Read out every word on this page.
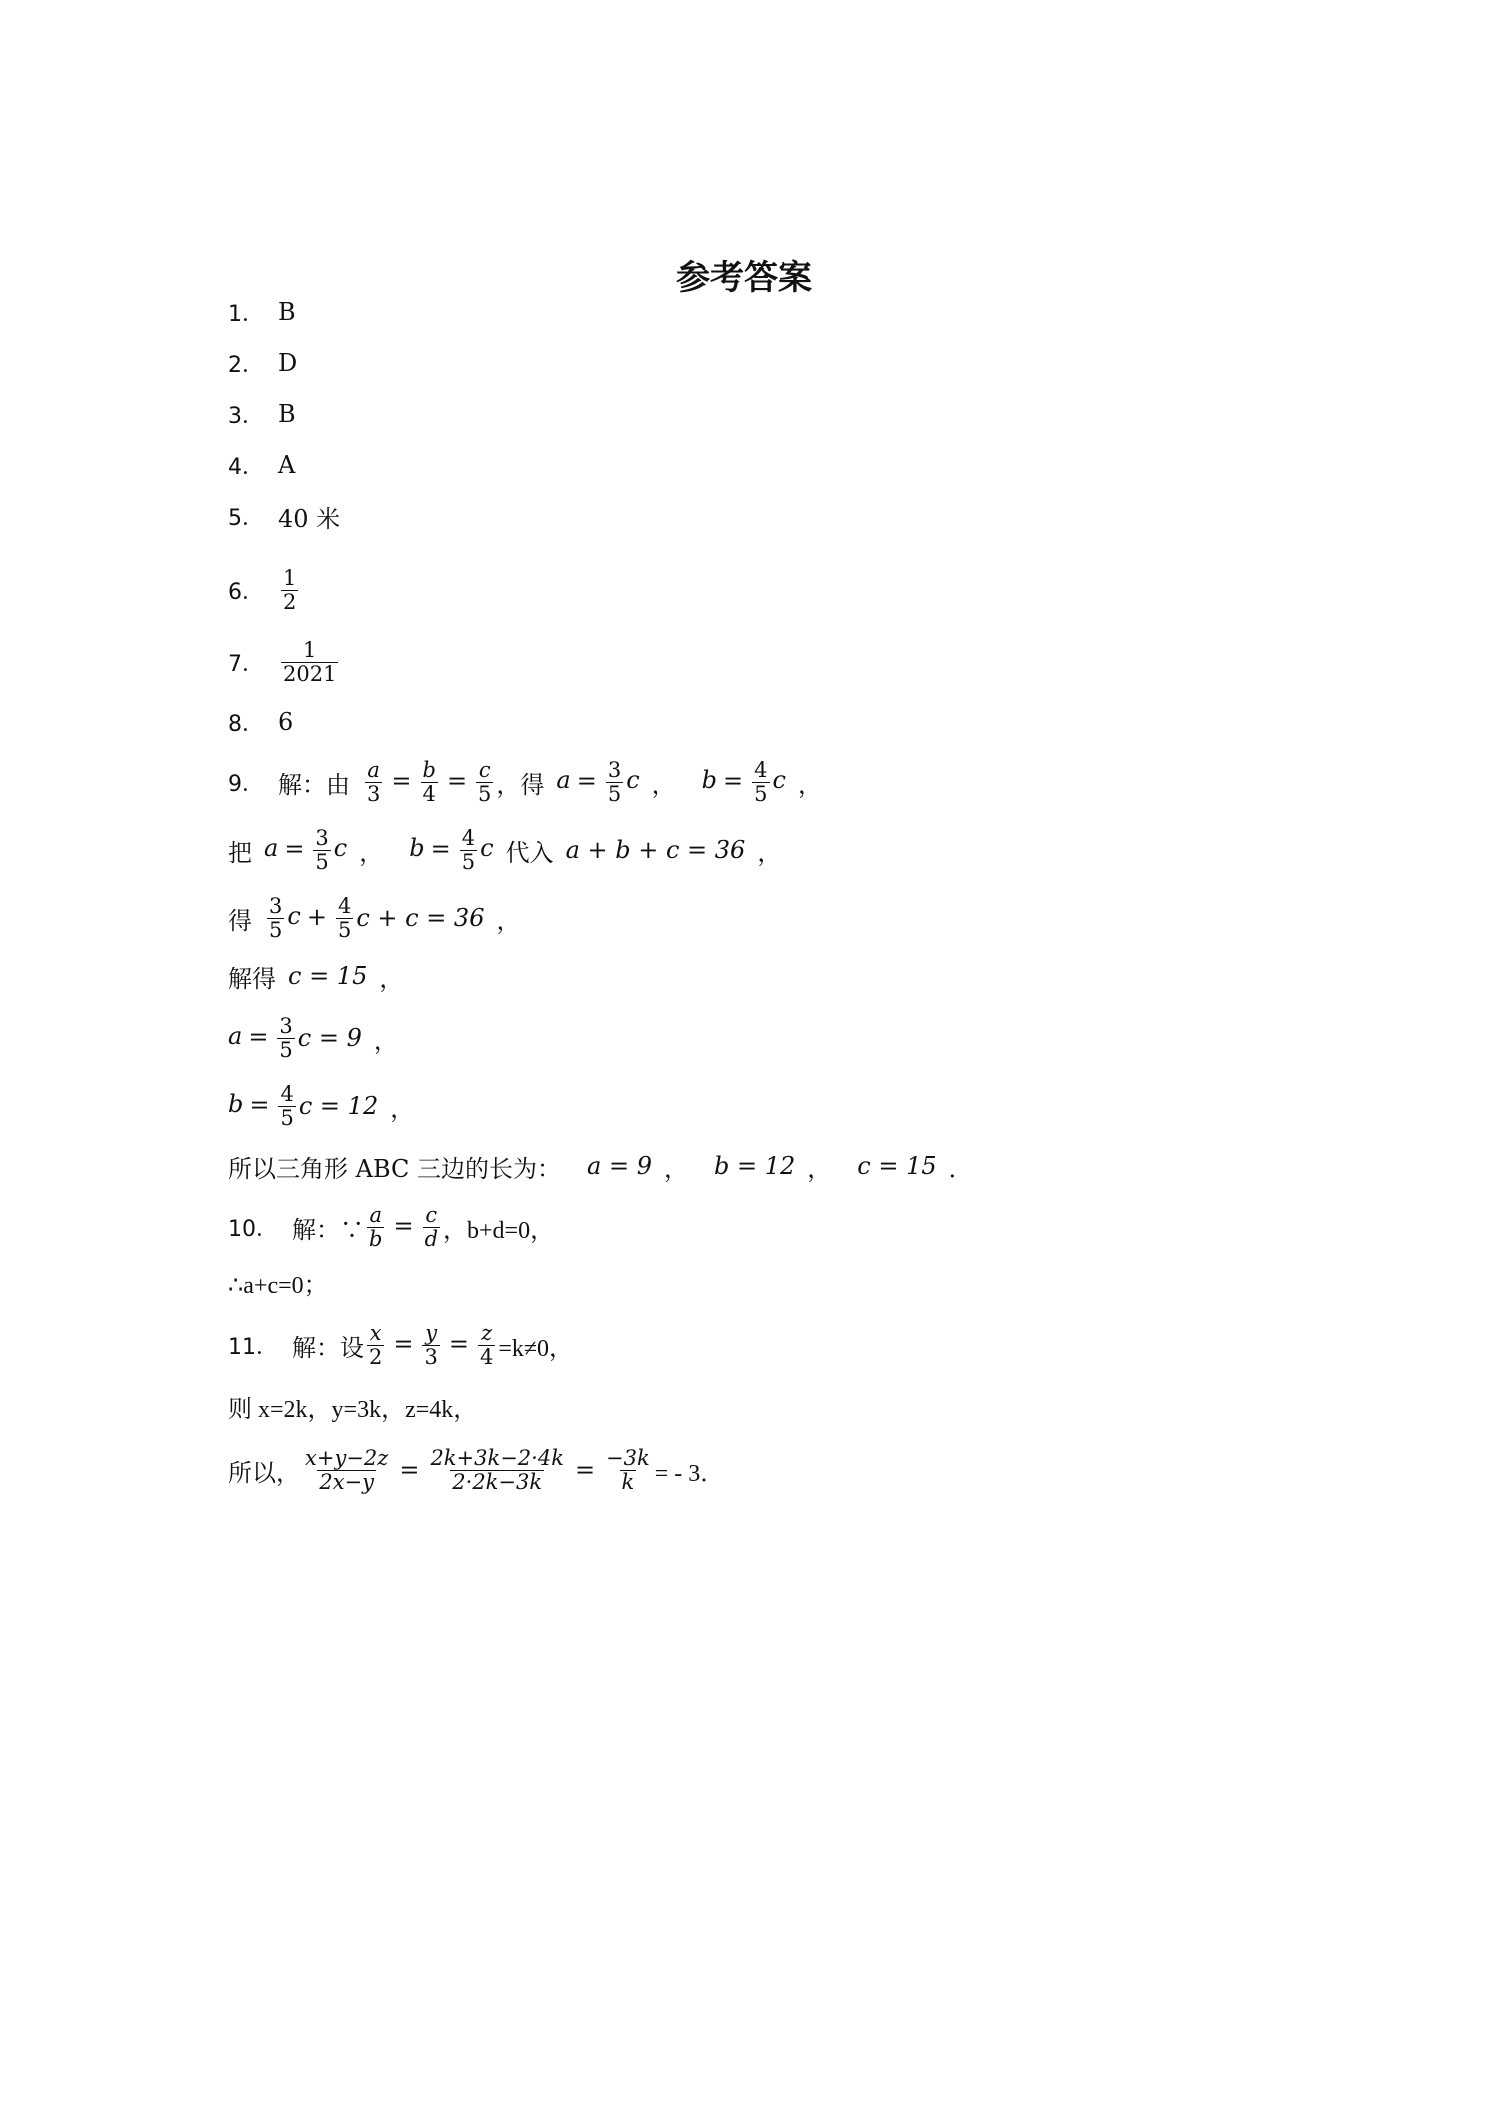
参考答案
1． B
2． D
3． B
4． A
5． 40 米
6． $\frac{1}{2}$
7． $\frac{1}{2021}$
8． 6
9． 解：由 $\frac{a}{3} = \frac{b}{4} = \frac{c}{5}$ ，得 $a = \frac{3}{5}$ c ， $b = \frac{4}{5}$ c ，
把 $a = \frac{3}{5}$ c ， $b = \frac{4}{5}$ c 代入 a + b + c = 36 ，
得 $\frac{3}{5}$ $c + \frac{4}{5}$ c + c = 36 ，
解得 c = 15 ，
$a = \frac{3}{5}$ c = 9 ，
$b = \frac{4}{5}$ c = 12 ，
所以三角形 ABC 三边的长为： a = 9 ， b = 12 ， c = 15 ．
10． 解：∵ $\frac{a}{b} = \frac{c}{d}$ ，b+d=0，
∴a+c=0；
11． 解：设 $\frac{x}{2} = \frac{y}{3} = \frac{z}{4} =k\ne 0$，
则 x=2k，y=3k，z=4k，
所以， $\frac{x+y-2z}{2x-y} = \frac{2k+3k-2\cdot 4k}{2\cdot 2k-3k} = \frac{-3k}{k}$ = - 3．
